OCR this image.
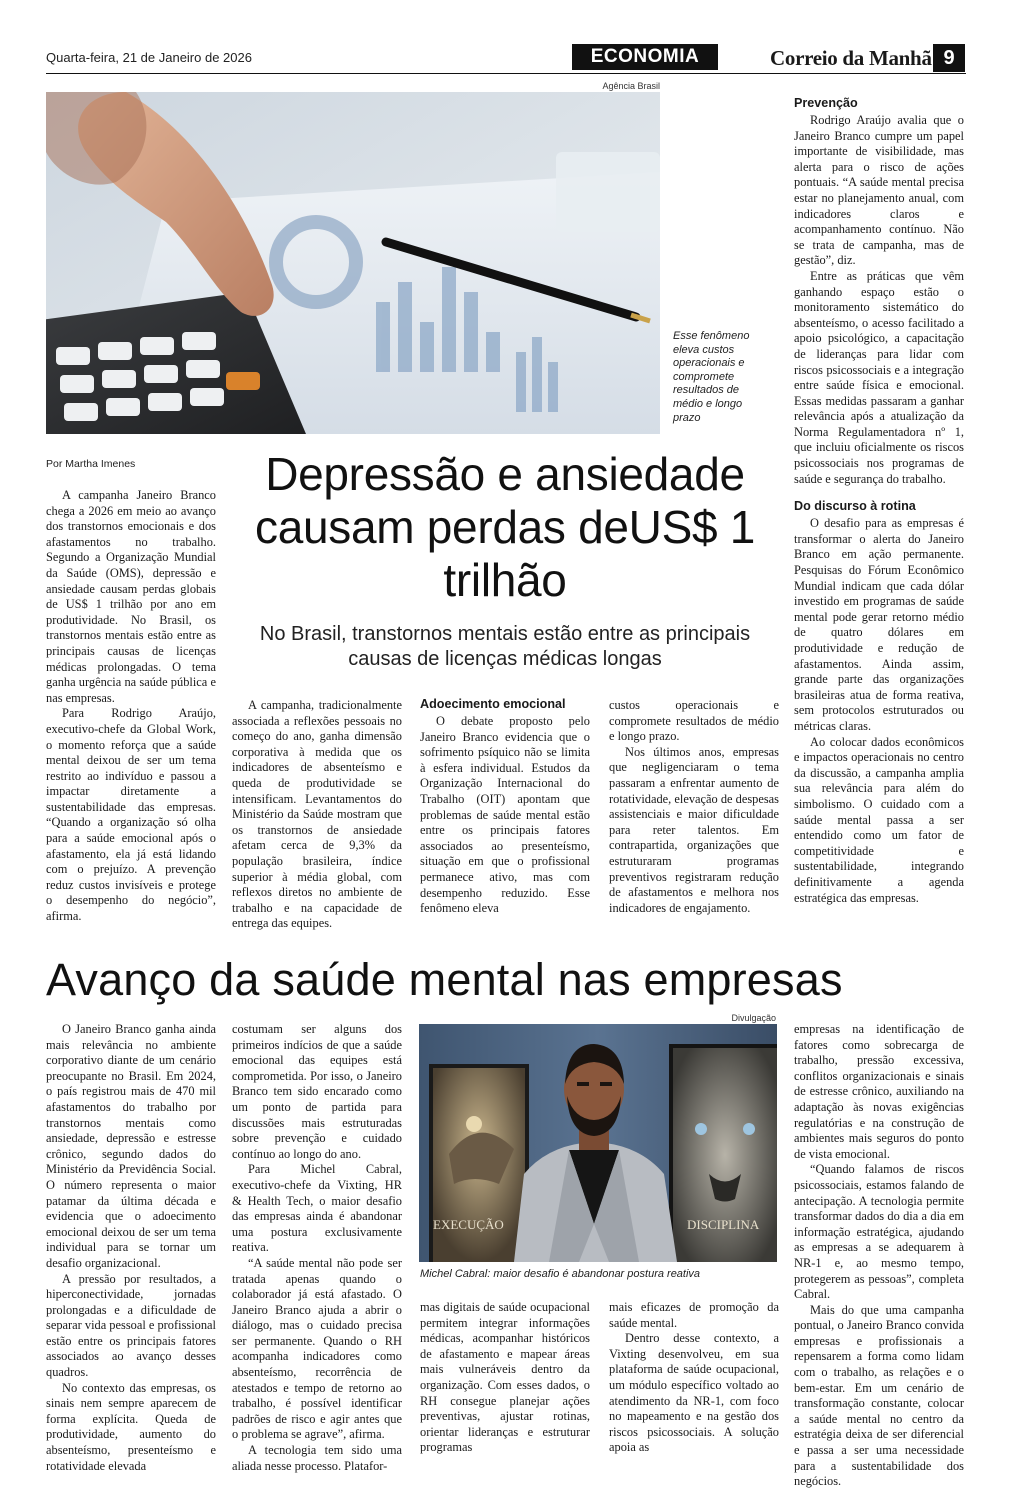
Quarta-feira, 21 de Janeiro de 2026	ECONOMIA	Correio da Manhã 9
Agência Brasil
Esse fenômeno eleva custos operacionais e compromete resultados de médio e longo prazo
Por Martha Imenes	Depressão e ansiedade causam perdas deUS$ 1 trilhão
No Brasil, transtornos mentais estão entre as principais causas de licenças médicas longas

A campanha Janeiro Branco chega a 2026 em meio ao avanço dos transtornos emocionais e dos afastamentos no trabalho. Segundo a Organização Mundial da Saúde (OMS), depressão e ansiedade causam perdas globais de US$ 1 trilhão por ano em produtividade. No Brasil, os transtornos mentais estão entre as principais causas de licenças médicas prolongadas. O tema ganha urgência na saúde pública e nas empresas.

Para Rodrigo Araújo, executivo-chefe da Global Work, o momento reforça que a saúde mental deixou de ser um tema restrito ao indivíduo e passou a impactar diretamente a sustentabilidade das empresas. “Quando a organização só olha para a saúde emocional após o afastamento, ela já está lidando com o prejuízo. A prevenção reduz custos invisíveis e protege o desempenho do negócio”, afirma.

A campanha, tradicionalmente associada a reflexões pessoais no começo do ano, ganha dimensão corporativa à medida que os indicadores de absenteísmo e queda de produtividade se intensificam. Levantamentos do Ministério da Saúde mostram que os transtornos de ansiedade afetam cerca de 9,3% da população brasileira, índice superior à média global, com reflexos diretos no ambiente de trabalho e na capacidade de entrega das equipes.

Adoecimento emocional

O debate proposto pelo Janeiro Branco evidencia que o sofrimento psíquico não se limita à esfera individual. Estudos da Organização Internacional do Trabalho (OIT) apontam que problemas de saúde mental estão entre os principais fatores associados ao presenteísmo, situação em que o profissional permanece ativo, mas com desempenho reduzido. Esse fenômeno eleva

custos operacionais e compromete resultados de médio e longo prazo.

Nos últimos anos, empresas que negligenciaram o tema passaram a enfrentar aumento de rotatividade, elevação de despesas assistenciais e maior dificuldade para reter talentos. Em contrapartida, organizações que estruturaram programas preventivos registraram redução de afastamentos e melhora nos indicadores de engajamento.

Prevenção

Rodrigo Araújo avalia que o Janeiro Branco cumpre um papel importante de visibilidade, mas alerta para o risco de ações pontuais. “A saúde mental precisa estar no planejamento anual, com indicadores claros e acompanhamento contínuo. Não se trata de campanha, mas de gestão”, diz.

Entre as práticas que vêm ganhando espaço estão o monitoramento sistemático do absenteísmo, o acesso facilitado a apoio psicológico, a capacitação de lideranças para lidar com riscos psicossociais e a integração entre saúde física e emocional. Essas medidas passaram a ganhar relevância após a atualização da Norma Regulamentadora nº 1, que incluiu oficialmente os riscos psicossociais nos programas de saúde e segurança do trabalho.

Do discurso à rotina

O desafio para as empresas é transformar o alerta do Janeiro Branco em ação permanente. Pesquisas do Fórum Econômico Mundial indicam que cada dólar investido em programas de saúde mental pode gerar retorno médio de quatro dólares em produtividade e redução de afastamentos. Ainda assim, grande parte das organizações brasileiras atua de forma reativa, sem protocolos estruturados ou métricas claras.

Ao colocar dados econômicos e impactos operacionais no centro da discussão, a campanha amplia sua relevância para além do simbolismo. O cuidado com a saúde mental passa a ser entendido como um fator de competitividade e sustentabilidade, integrando definitivamente a agenda estratégica das empresas.

Avanço da saúde mental nas empresas
Divulgação
EXECUÇÃO	DISCIPLINA
Michel Cabral: maior desafio é abandonar postura reativa

O Janeiro Branco ganha ainda mais relevância no ambiente corporativo diante de um cenário preocupante no Brasil. Em 2024, o país registrou mais de 470 mil afastamentos do trabalho por transtornos mentais como ansiedade, depressão e estresse crônico, segundo dados do Ministério da Previdência Social. O número representa o maior patamar da última década e evidencia que o adoecimento emocional deixou de ser um tema individual para se tornar um desafio organizacional.

A pressão por resultados, a hiperconectividade, jornadas prolongadas e a dificuldade de separar vida pessoal e profissional estão entre os principais fatores associados ao avanço desses quadros.

No contexto das empresas, os sinais nem sempre aparecem de forma explícita. Queda de produtividade, aumento do absenteísmo, presenteísmo e rotatividade elevada

costumam ser alguns dos primeiros indícios de que a saúde emocional das equipes está comprometida. Por isso, o Janeiro Branco tem sido encarado como um ponto de partida para discussões mais estruturadas sobre prevenção e cuidado contínuo ao longo do ano.

Para Michel Cabral, executivo-chefe da Vixting, HR & Health Tech, o maior desafio das empresas ainda é abandonar uma postura exclusivamente reativa.

“A saúde mental não pode ser tratada apenas quando o colaborador já está afastado. O Janeiro Branco ajuda a abrir o diálogo, mas o cuidado precisa ser permanente. Quando o RH acompanha indicadores como absenteísmo, recorrência de atestados e tempo de retorno ao trabalho, é possível identificar padrões de risco e agir antes que o problema se agrave”, afirma.

A tecnologia tem sido uma aliada nesse processo. Platafor-

mas digitais de saúde ocupacional permitem integrar informações médicas, acompanhar históricos de afastamento e mapear áreas mais vulneráveis dentro da organização. Com esses dados, o RH consegue planejar ações preventivas, ajustar rotinas, orientar lideranças e estruturar programas

mais eficazes de promoção da saúde mental.

Dentro desse contexto, a Vixting desenvolveu, em sua plataforma de saúde ocupacional, um módulo específico voltado ao atendimento da NR-1, com foco no mapeamento e na gestão dos riscos psicossociais. A solução apoia as

empresas na identificação de fatores como sobrecarga de trabalho, pressão excessiva, conflitos organizacionais e sinais de estresse crônico, auxiliando na adaptação às novas exigências regulatórias e na construção de ambientes mais seguros do ponto de vista emocional.

“Quando falamos de riscos psicossociais, estamos falando de antecipação. A tecnologia permite transformar dados do dia a dia em informação estratégica, ajudando as empresas a se adequarem à NR-1 e, ao mesmo tempo, protegerem as pessoas”, completa Cabral.

Mais do que uma campanha pontual, o Janeiro Branco convida empresas e profissionais a repensarem a forma como lidam com o trabalho, as relações e o bem-estar. Em um cenário de transformação constante, colocar a saúde mental no centro da estratégia deixa de ser diferencial e passa a ser uma necessidade para a sustentabilidade dos negócios.
